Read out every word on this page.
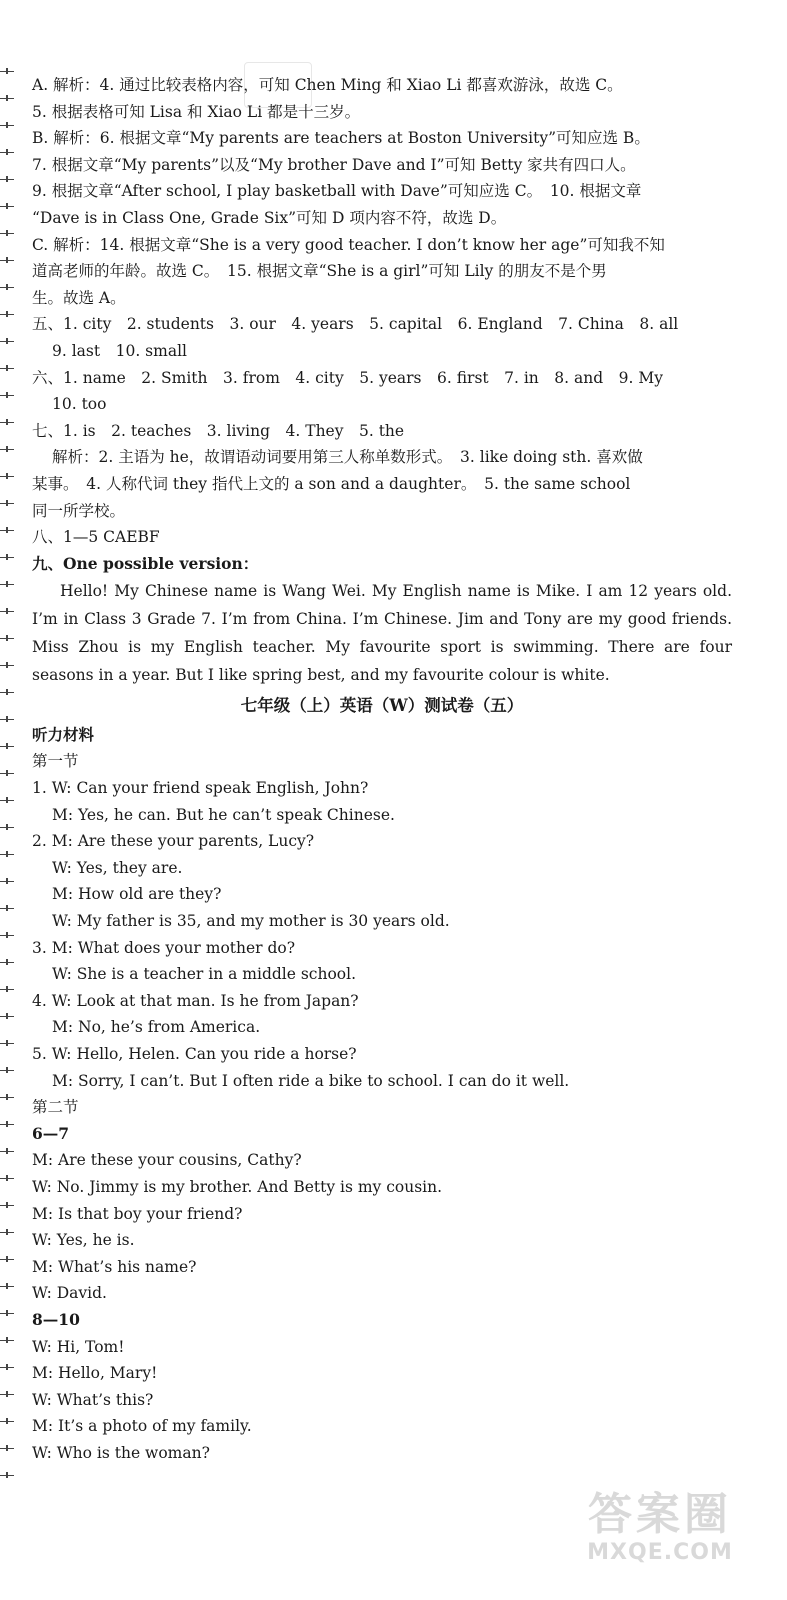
A. 解析：4. 通过比较表格内容，可知 Chen Ming 和 Xiao Li 都喜欢游泳，故选 C。
5. 根据表格可知 Lisa 和 Xiao Li 都是十三岁。
B. 解析：6. 根据文章“My parents are teachers at Boston University”可知应选 B。
7. 根据文章“My parents”以及“My brother Dave and I”可知 Betty 家共有四口人。
9. 根据文章“After school, I play basketball with Dave”可知应选 C。　10. 根据文章
“Dave is in Class One, Grade Six”可知 D 项内容不符，故选 D。
C. 解析：14. 根据文章“She is a very good teacher. I don’t know her age”可知我不知
道高老师的年龄。故选 C。　15. 根据文章“She is a girl”可知 Lily 的朋友不是个男
生。故选 A。
五、1. city　2. students　3. our　4. years　5. capital　6. England　7. China　8. all
9. last　10. small
六、1. name　2. Smith　3. from　4. city　5. years　6. first　7. in　8. and　9. My
10. too
七、1. is　2. teaches　3. living　4. They　5. the
解析：2. 主语为 he，故谓语动词要用第三人称单数形式。　3. like doing sth. 喜欢做
某事。　4. 人称代词 they 指代上文的 a son and a daughter。　5. the same school
同一所学校。
八、1—5 CAEBF
九、One possible version：
Hello! My Chinese name is Wang Wei. My English name is Mike. I am 12 years old. I’m in Class 3 Grade 7. I’m from China. I’m Chinese. Jim and Tony are my good friends. Miss Zhou is my English teacher. My favourite sport is swimming. There are four seasons in a year. But I like spring best, and my favourite colour is white.
七年级（上）英语（W）测试卷（五）
听力材料
第一节
1. W: Can your friend speak English, John?
M: Yes, he can. But he can’t speak Chinese.
2. M: Are these your parents, Lucy?
W: Yes, they are.
M: How old are they?
W: My father is 35, and my mother is 30 years old.
3. M: What does your mother do?
W: She is a teacher in a middle school.
4. W: Look at that man. Is he from Japan?
M: No, he’s from America.
5. W: Hello, Helen. Can you ride a horse?
M: Sorry, I can’t. But I often ride a bike to school. I can do it well.
第二节
6—7
M: Are these your cousins, Cathy?
W: No. Jimmy is my brother. And Betty is my cousin.
M: Is that boy your friend?
W: Yes, he is.
M: What’s his name?
W: David.
8—10
W: Hi, Tom!
M: Hello, Mary!
W: What’s this?
M: It’s a photo of my family.
W: Who is the woman?
答案圈
MXQE.COM
